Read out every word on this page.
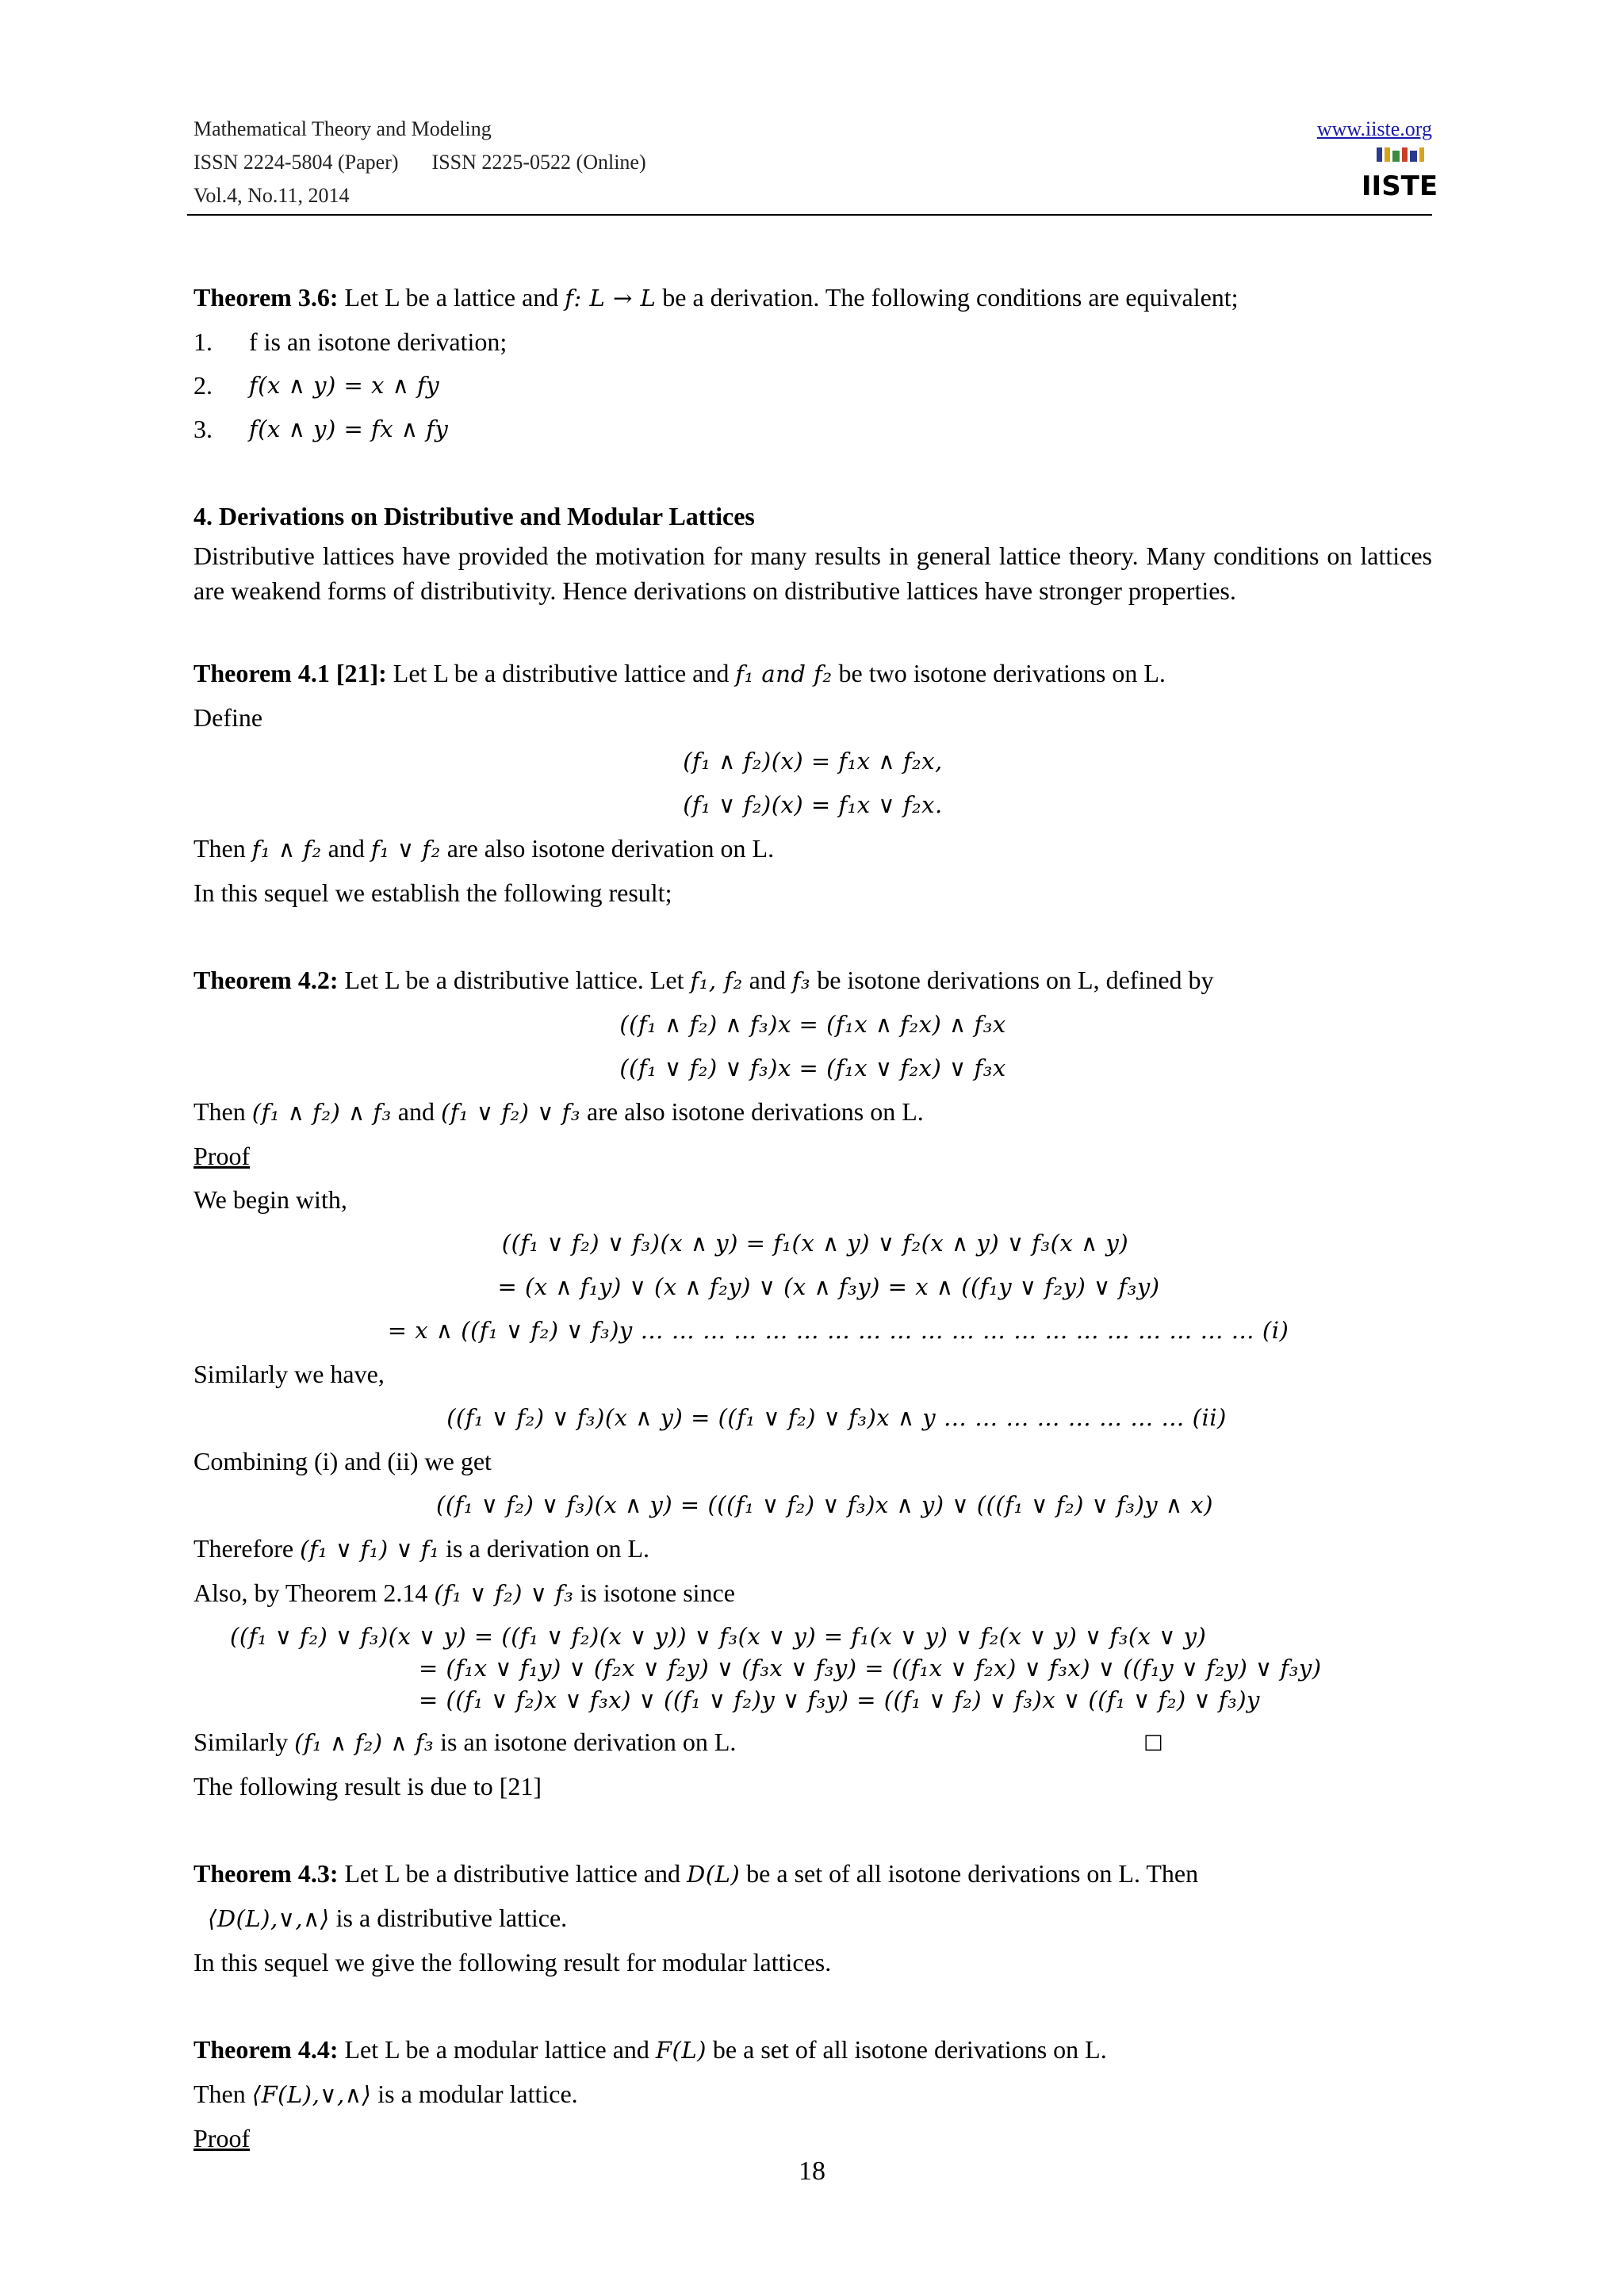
Mathematical Theory and Modeling
ISSN 2224-5804 (Paper) ISSN 2225-0522 (Online)
Vol.4, No.11, 2014
www.iiste.org
IISTE

Theorem 3.6: Let L be a lattice and f: L → L be a derivation. The following conditions are equivalent;

1.	f is an isotone derivation;
2.	f(x ∧ y) = x ∧ fy
3.	f(x ∧ y) = fx ∧ fy

4. Derivations on Distributive and Modular Lattices

Distributive lattices have provided the motivation for many results in general lattice theory. Many conditions on lattices are weakend forms of distributivity. Hence derivations on distributive lattices have stronger properties.

Theorem 4.1 [21]: Let L be a distributive lattice and f₁ and f₂ be two isotone derivations on L.

Define

(f₁ ∧ f₂)(x) = f₁x ∧ f₂x,

(f₁ ∨ f₂)(x) = f₁x ∨ f₂x.

Then f₁ ∧ f₂ and f₁ ∨ f₂ are also isotone derivation on L.

In this sequel we establish the following result;

Theorem 4.2: Let L be a distributive lattice. Let f₁, f₂ and f₃ be isotone derivations on L, defined by

((f₁ ∧ f₂) ∧ f₃)x = (f₁x ∧ f₂x) ∧ f₃x

((f₁ ∨ f₂) ∨ f₃)x = (f₁x ∨ f₂x) ∨ f₃x

Then (f₁ ∧ f₂) ∧ f₃ and (f₁ ∨ f₂) ∨ f₃ are also isotone derivations on L.

Proof

We begin with,

((f₁ ∨ f₂) ∨ f₃)(x ∧ y) = f₁(x ∧ y) ∨ f₂(x ∧ y) ∨ f₃(x ∧ y)

= (x ∧ f₁y) ∨ (x ∧ f₂y) ∨ (x ∧ f₃y) = x ∧ ((f₁y ∨ f₂y) ∨ f₃y)

= x ∧ ((f₁ ∨ f₂) ∨ f₃)y … … … … … … … … … … … … … … … … … … … … (i)

Similarly we have,

((f₁ ∨ f₂) ∨ f₃)(x ∧ y) = ((f₁ ∨ f₂) ∨ f₃)x ∧ y … … … … … … … … (ii)

Combining (i) and (ii) we get

((f₁ ∨ f₂) ∨ f₃)(x ∧ y) = (((f₁ ∨ f₂) ∨ f₃)x ∧ y) ∨ (((f₁ ∨ f₂) ∨ f₃)y ∧ x)

Therefore (f₁ ∨ f₁) ∨ f₁ is a derivation on L.

Also, by Theorem 2.14 (f₁ ∨ f₂) ∨ f₃ is isotone since

((f₁ ∨ f₂) ∨ f₃)(x ∨ y) = ((f₁ ∨ f₂)(x ∨ y)) ∨ f₃(x ∨ y) = f₁(x ∨ y) ∨ f₂(x ∨ y) ∨ f₃(x ∨ y)

= (f₁x ∨ f₁y) ∨ (f₂x ∨ f₂y) ∨ (f₃x ∨ f₃y) = ((f₁x ∨ f₂x) ∨ f₃x) ∨ ((f₁y ∨ f₂y) ∨ f₃y)

= ((f₁ ∨ f₂)x ∨ f₃x) ∨ ((f₁ ∨ f₂)y ∨ f₃y) = ((f₁ ∨ f₂) ∨ f₃)x ∨ ((f₁ ∨ f₂) ∨ f₃)y

Similarly (f₁ ∧ f₂) ∧ f₃ is an isotone derivation on L.	□

The following result is due to [21]

Theorem 4.3: Let L be a distributive lattice and D(L) be a set of all isotone derivations on L. Then

⟨D(L),∨,∧⟩ is a distributive lattice.

In this sequel we give the following result for modular lattices.

Theorem 4.4: Let L be a modular lattice and F(L) be a set of all isotone derivations on L.

Then ⟨F(L),∨,∧⟩ is a modular lattice.

Proof

18
